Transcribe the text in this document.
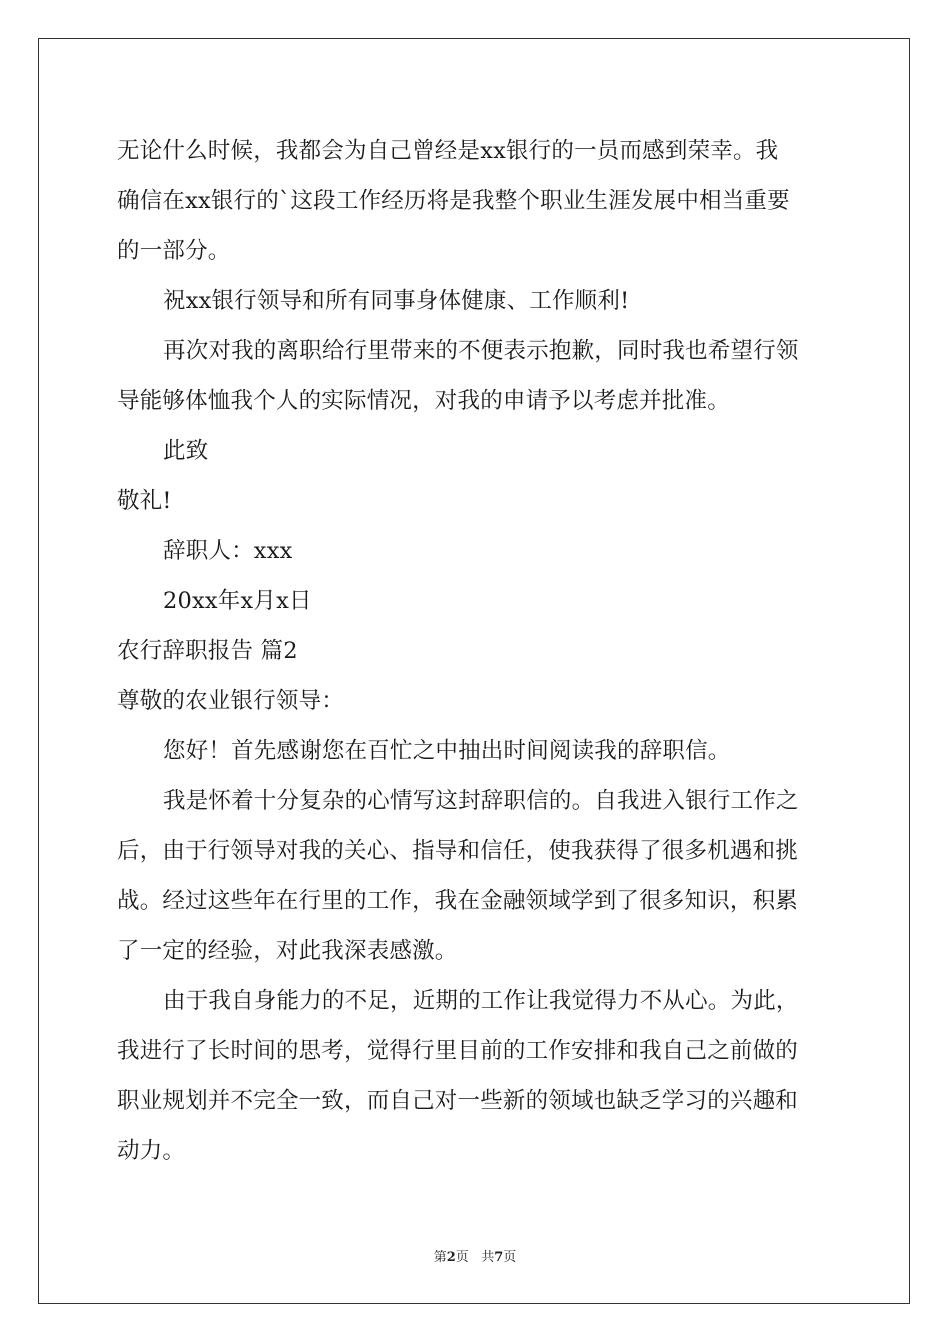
无论什么时候，我都会为自己曾经是xx银行的一员而感到荣幸。我
确信在xx银行的`这段工作经历将是我整个职业生涯发展中相当重要
的一部分。
祝xx银行领导和所有同事身体健康、工作顺利!
再次对我的离职给行里带来的不便表示抱歉，同时我也希望行领
导能够体恤我个人的实际情况，对我的申请予以考虑并批准。
此致
敬礼!
辞职人：xxx
20xx年x月x日
农行辞职报告 篇2
尊敬的农业银行领导：
您好！首先感谢您在百忙之中抽出时间阅读我的辞职信。
我是怀着十分复杂的心情写这封辞职信的。自我进入银行工作之
后，由于行领导对我的关心、指导和信任，使我获得了很多机遇和挑
战。经过这些年在行里的工作，我在金融领域学到了很多知识，积累
了一定的经验，对此我深表感激。
由于我自身能力的不足，近期的工作让我觉得力不从心。为此，
我进行了长时间的思考，觉得行里目前的工作安排和我自己之前做的
职业规划并不完全一致，而自己对一些新的领域也缺乏学习的兴趣和
动力。
第2页 共7页
